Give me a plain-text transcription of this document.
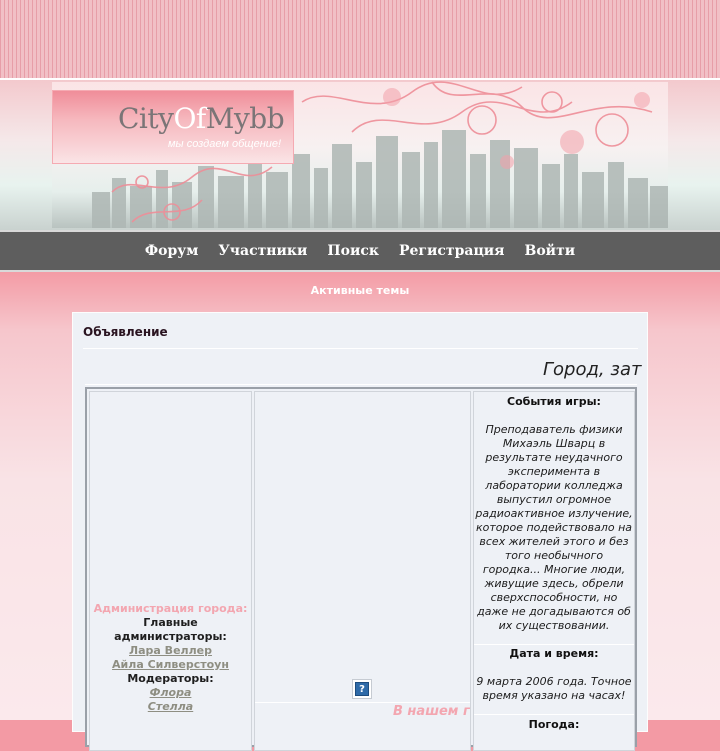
CityOfMybb
мы создаем общение!
Форум Участники Поиск Регистрация Войти
Активные темы
Объявление
Город, зат
Администрация города:
Главные администраторы:
Лара Веллер
Айла Силверстоун
Модераторы:
Флора
Стелла
?
В нашем г
События игры:
Преподаватель физики Михаэль Шварц в результате неудачного эксперимента в лаборатории колледжа выпустил огромное радиоактивное излучение, которое подействовало на всех жителей этого и без того необычного городка... Многие люди, живущие здесь, обрели сверхспособности, но даже не догадываются об их существовании.
Дата и время:
9 марта 2006 года. Точное время указано на часах!
Погода:
